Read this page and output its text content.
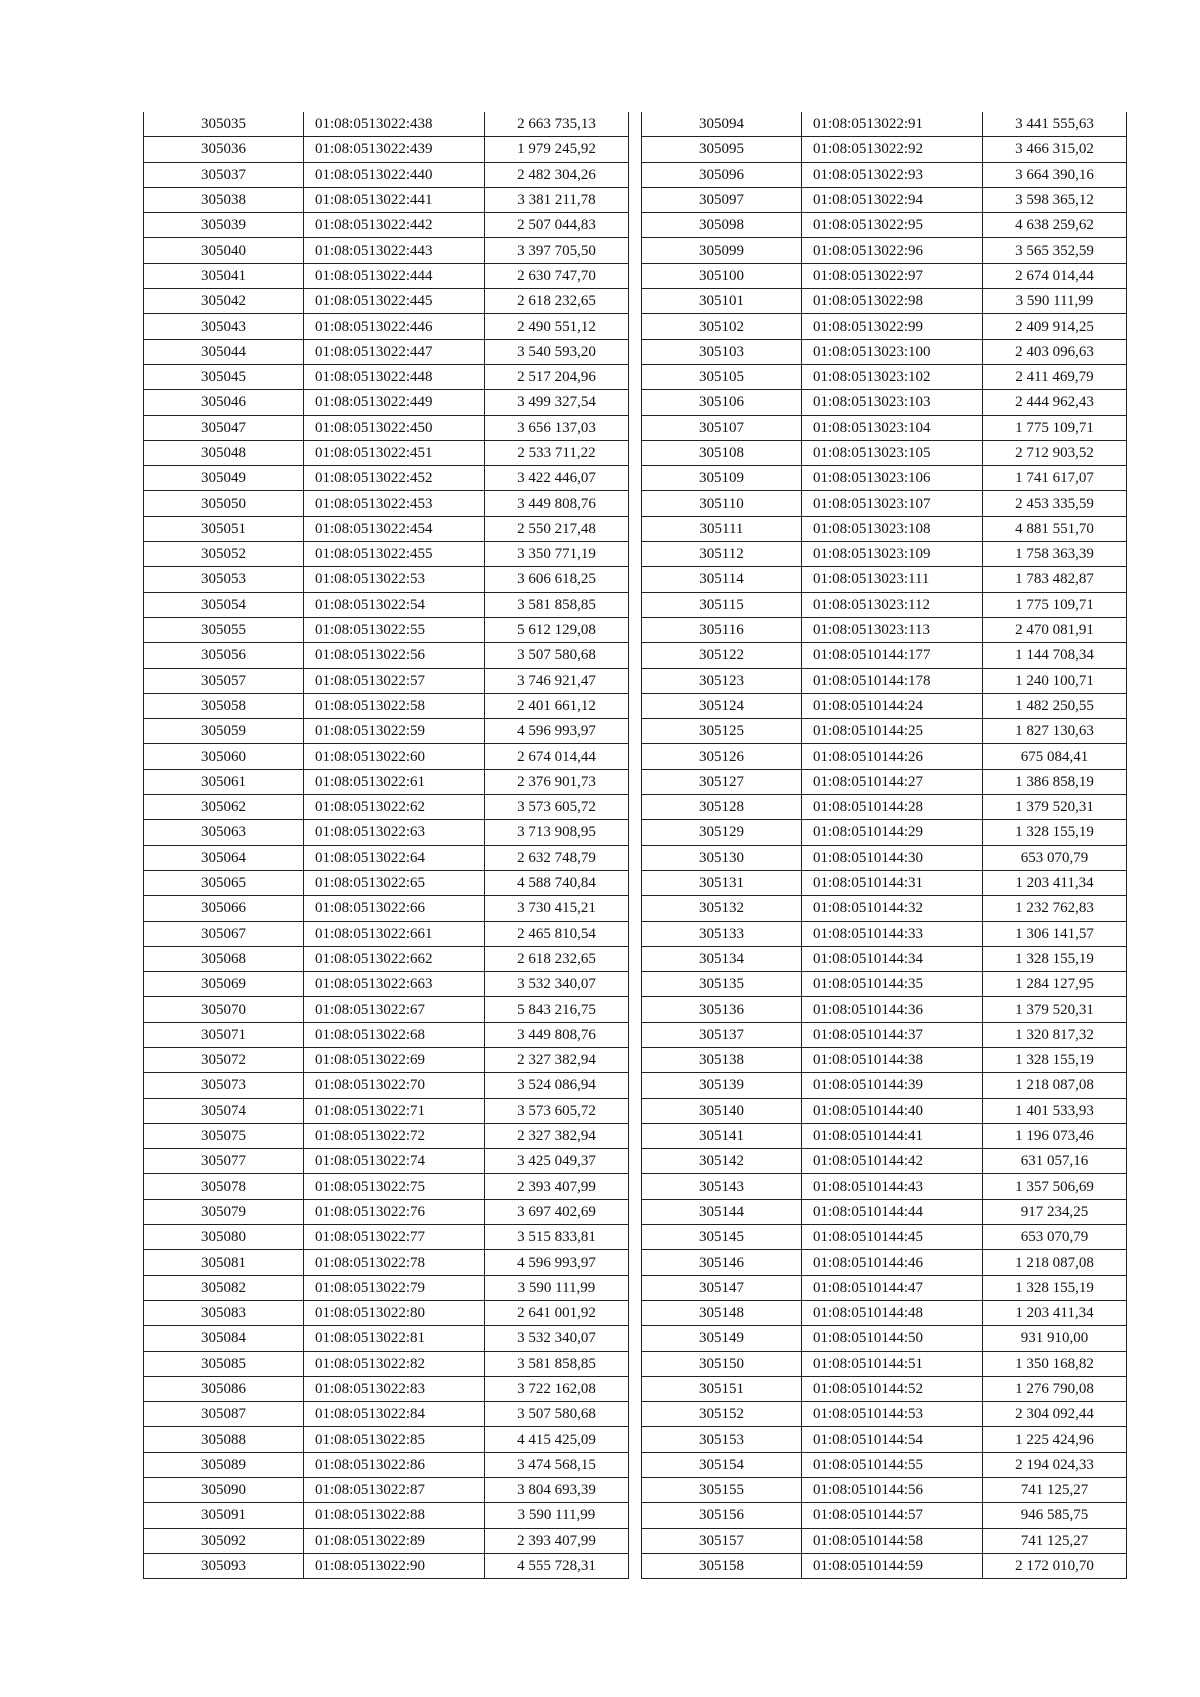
305035	01:08:0513022:438	2 663 735,13
305036	01:08:0513022:439	1 979 245,92
305037	01:08:0513022:440	2 482 304,26
305038	01:08:0513022:441	3 381 211,78
305039	01:08:0513022:442	2 507 044,83
305040	01:08:0513022:443	3 397 705,50
305041	01:08:0513022:444	2 630 747,70
305042	01:08:0513022:445	2 618 232,65
305043	01:08:0513022:446	2 490 551,12
305044	01:08:0513022:447	3 540 593,20
305045	01:08:0513022:448	2 517 204,96
305046	01:08:0513022:449	3 499 327,54
305047	01:08:0513022:450	3 656 137,03
305048	01:08:0513022:451	2 533 711,22
305049	01:08:0513022:452	3 422 446,07
305050	01:08:0513022:453	3 449 808,76
305051	01:08:0513022:454	2 550 217,48
305052	01:08:0513022:455	3 350 771,19
305053	01:08:0513022:53	3 606 618,25
305054	01:08:0513022:54	3 581 858,85
305055	01:08:0513022:55	5 612 129,08
305056	01:08:0513022:56	3 507 580,68
305057	01:08:0513022:57	3 746 921,47
305058	01:08:0513022:58	2 401 661,12
305059	01:08:0513022:59	4 596 993,97
305060	01:08:0513022:60	2 674 014,44
305061	01:08:0513022:61	2 376 901,73
305062	01:08:0513022:62	3 573 605,72
305063	01:08:0513022:63	3 713 908,95
305064	01:08:0513022:64	2 632 748,79
305065	01:08:0513022:65	4 588 740,84
305066	01:08:0513022:66	3 730 415,21
305067	01:08:0513022:661	2 465 810,54
305068	01:08:0513022:662	2 618 232,65
305069	01:08:0513022:663	3 532 340,07
305070	01:08:0513022:67	5 843 216,75
305071	01:08:0513022:68	3 449 808,76
305072	01:08:0513022:69	2 327 382,94
305073	01:08:0513022:70	3 524 086,94
305074	01:08:0513022:71	3 573 605,72
305075	01:08:0513022:72	2 327 382,94
305077	01:08:0513022:74	3 425 049,37
305078	01:08:0513022:75	2 393 407,99
305079	01:08:0513022:76	3 697 402,69
305080	01:08:0513022:77	3 515 833,81
305081	01:08:0513022:78	4 596 993,97
305082	01:08:0513022:79	3 590 111,99
305083	01:08:0513022:80	2 641 001,92
305084	01:08:0513022:81	3 532 340,07
305085	01:08:0513022:82	3 581 858,85
305086	01:08:0513022:83	3 722 162,08
305087	01:08:0513022:84	3 507 580,68
305088	01:08:0513022:85	4 415 425,09
305089	01:08:0513022:86	3 474 568,15
305090	01:08:0513022:87	3 804 693,39
305091	01:08:0513022:88	3 590 111,99
305092	01:08:0513022:89	2 393 407,99
305093	01:08:0513022:90	4 555 728,31
305094	01:08:0513022:91	3 441 555,63
305095	01:08:0513022:92	3 466 315,02
305096	01:08:0513022:93	3 664 390,16
305097	01:08:0513022:94	3 598 365,12
305098	01:08:0513022:95	4 638 259,62
305099	01:08:0513022:96	3 565 352,59
305100	01:08:0513022:97	2 674 014,44
305101	01:08:0513022:98	3 590 111,99
305102	01:08:0513022:99	2 409 914,25
305103	01:08:0513023:100	2 403 096,63
305105	01:08:0513023:102	2 411 469,79
305106	01:08:0513023:103	2 444 962,43
305107	01:08:0513023:104	1 775 109,71
305108	01:08:0513023:105	2 712 903,52
305109	01:08:0513023:106	1 741 617,07
305110	01:08:0513023:107	2 453 335,59
305111	01:08:0513023:108	4 881 551,70
305112	01:08:0513023:109	1 758 363,39
305114	01:08:0513023:111	1 783 482,87
305115	01:08:0513023:112	1 775 109,71
305116	01:08:0513023:113	2 470 081,91
305122	01:08:0510144:177	1 144 708,34
305123	01:08:0510144:178	1 240 100,71
305124	01:08:0510144:24	1 482 250,55
305125	01:08:0510144:25	1 827 130,63
305126	01:08:0510144:26	675 084,41
305127	01:08:0510144:27	1 386 858,19
305128	01:08:0510144:28	1 379 520,31
305129	01:08:0510144:29	1 328 155,19
305130	01:08:0510144:30	653 070,79
305131	01:08:0510144:31	1 203 411,34
305132	01:08:0510144:32	1 232 762,83
305133	01:08:0510144:33	1 306 141,57
305134	01:08:0510144:34	1 328 155,19
305135	01:08:0510144:35	1 284 127,95
305136	01:08:0510144:36	1 379 520,31
305137	01:08:0510144:37	1 320 817,32
305138	01:08:0510144:38	1 328 155,19
305139	01:08:0510144:39	1 218 087,08
305140	01:08:0510144:40	1 401 533,93
305141	01:08:0510144:41	1 196 073,46
305142	01:08:0510144:42	631 057,16
305143	01:08:0510144:43	1 357 506,69
305144	01:08:0510144:44	917 234,25
305145	01:08:0510144:45	653 070,79
305146	01:08:0510144:46	1 218 087,08
305147	01:08:0510144:47	1 328 155,19
305148	01:08:0510144:48	1 203 411,34
305149	01:08:0510144:50	931 910,00
305150	01:08:0510144:51	1 350 168,82
305151	01:08:0510144:52	1 276 790,08
305152	01:08:0510144:53	2 304 092,44
305153	01:08:0510144:54	1 225 424,96
305154	01:08:0510144:55	2 194 024,33
305155	01:08:0510144:56	741 125,27
305156	01:08:0510144:57	946 585,75
305157	01:08:0510144:58	741 125,27
305158	01:08:0510144:59	2 172 010,70
